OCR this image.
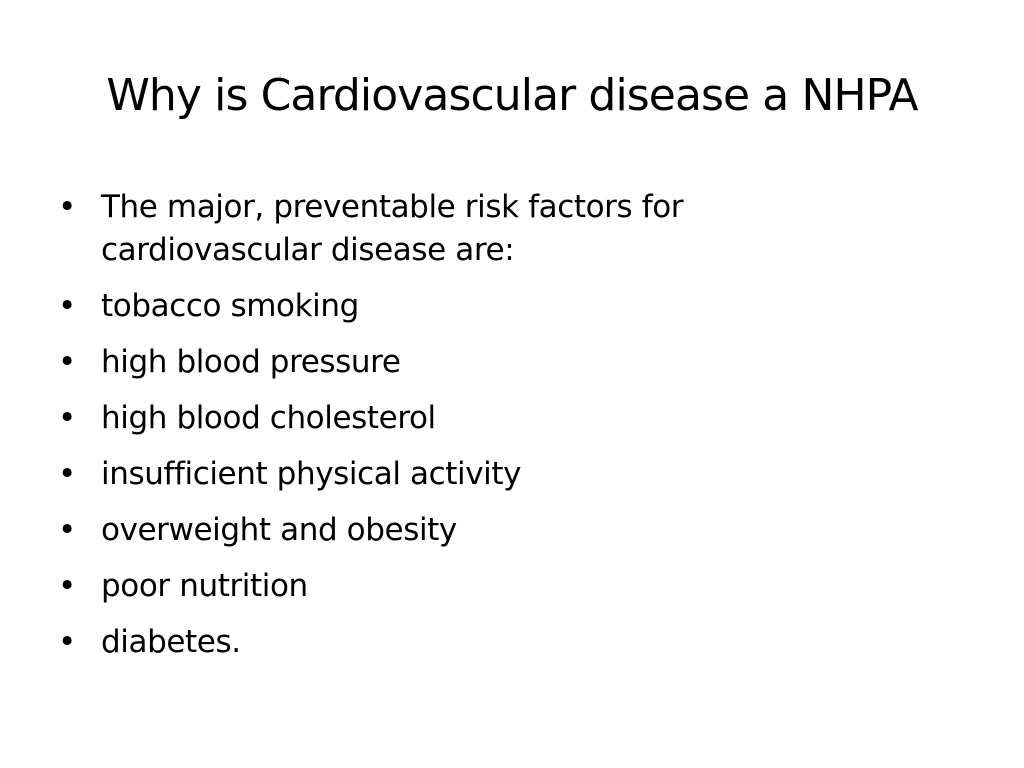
Why is Cardiovascular disease a NHPA
• The major, preventable risk factors for cardiovascular disease are:
• tobacco smoking
• high blood pressure
• high blood cholesterol
• insufficient physical activity
• overweight and obesity
• poor nutrition
• diabetes.
